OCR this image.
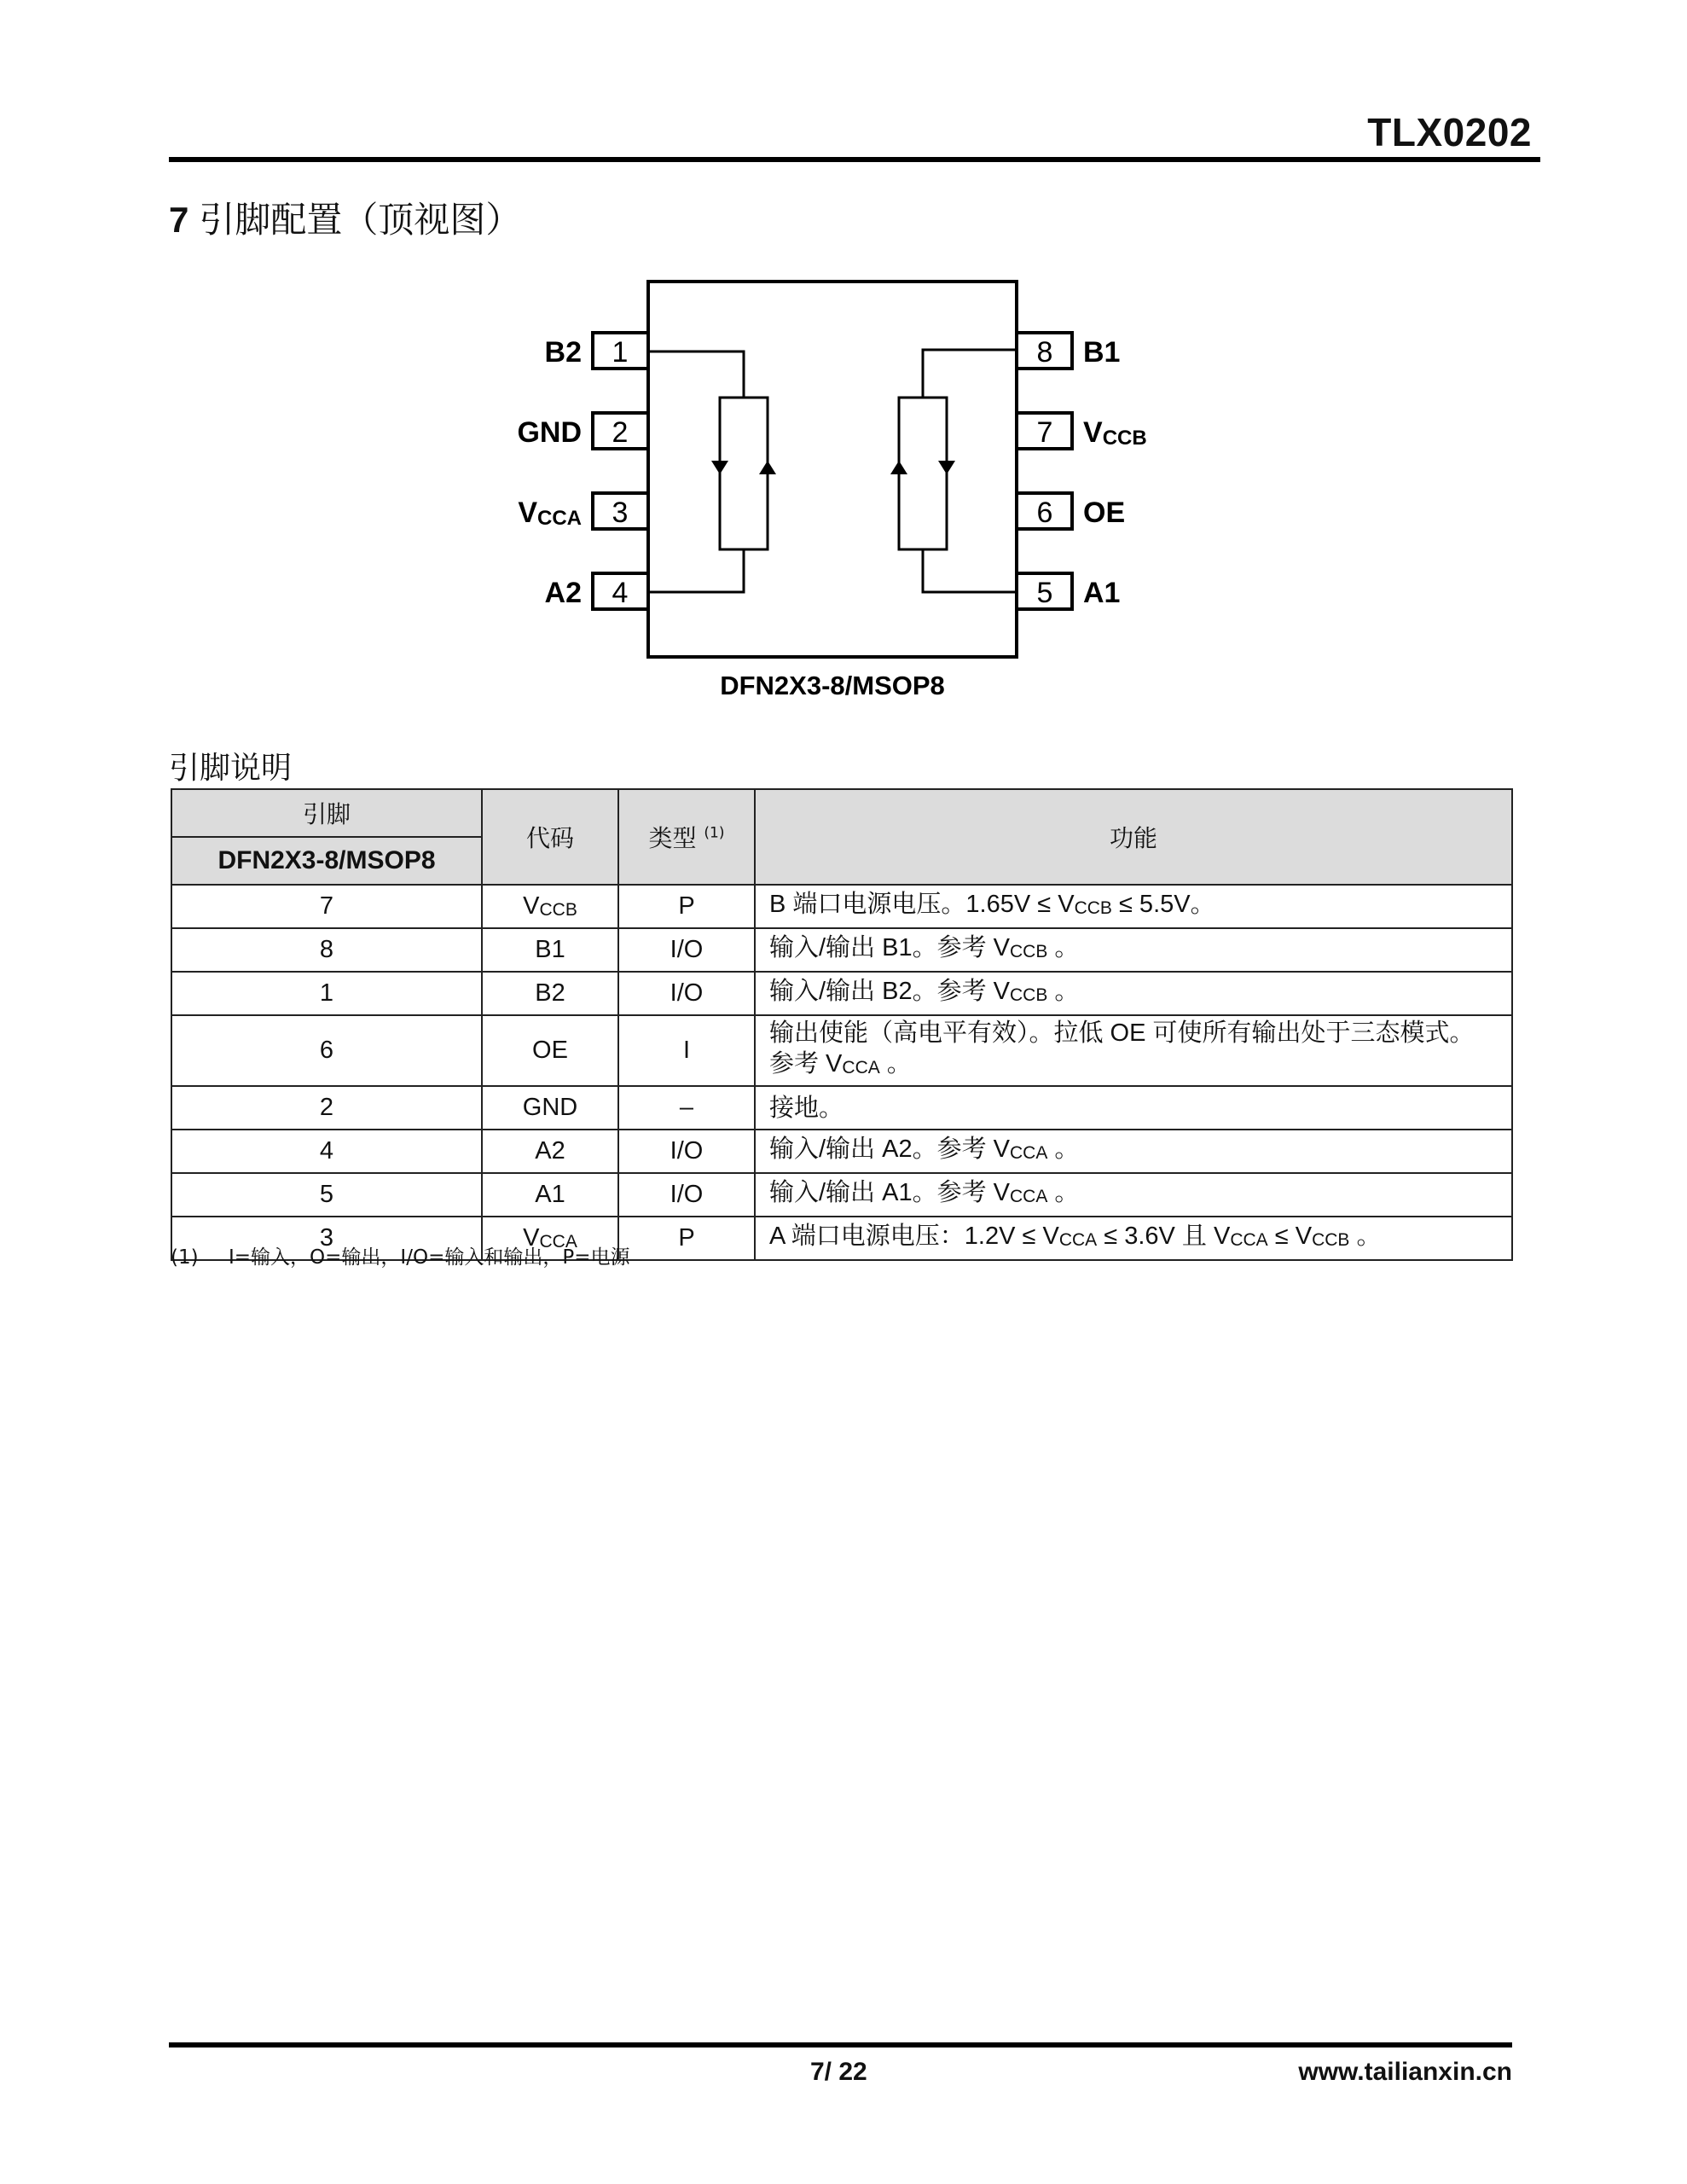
TLX0202
7 引脚配置（顶视图）
B2 1
GND 2
VCCA 3
A2 4
B1
8
VCCB
7
OE
6
A1
5
DFN2X3-8/MSOP8
引脚说明
引脚	代码	类型 $^{(1)}$	功能
DFN2X3-8/MSOP8			
7	$V_{CCB}$	P	B 端口电源电压。$1.65V \le V_{CCB} \le 5.5V$。
8	B1	I/O	输入/输出 B1。参考 $V_{CCB}$ 。
1	B2	I/O	输入/输出 B2。参考 $V_{CCB}$ 。
6	OE	I	输出使能（高电平有效）。拉低 OE 可使所有输出处于三态模式。
参考 $V_{CCA}$ 。
2	GND	–	接地。
4	A2	I/O	输入/输出 A2。参考 $V_{CCA}$ 。
5	A1	I/O	输入/输出 A1。参考 $V_{CCA}$ 。
3	$V_{CCA}$	P	A 端口电源电压：$1.2V \le V_{CCA} \le 3.6V$ 且 $V_{CCA} \le V_{CCB}$ 。
(1) I=输入，O=输出，I/O=输入和输出，P=电源
7/ 22	www.tailianxin.cn
